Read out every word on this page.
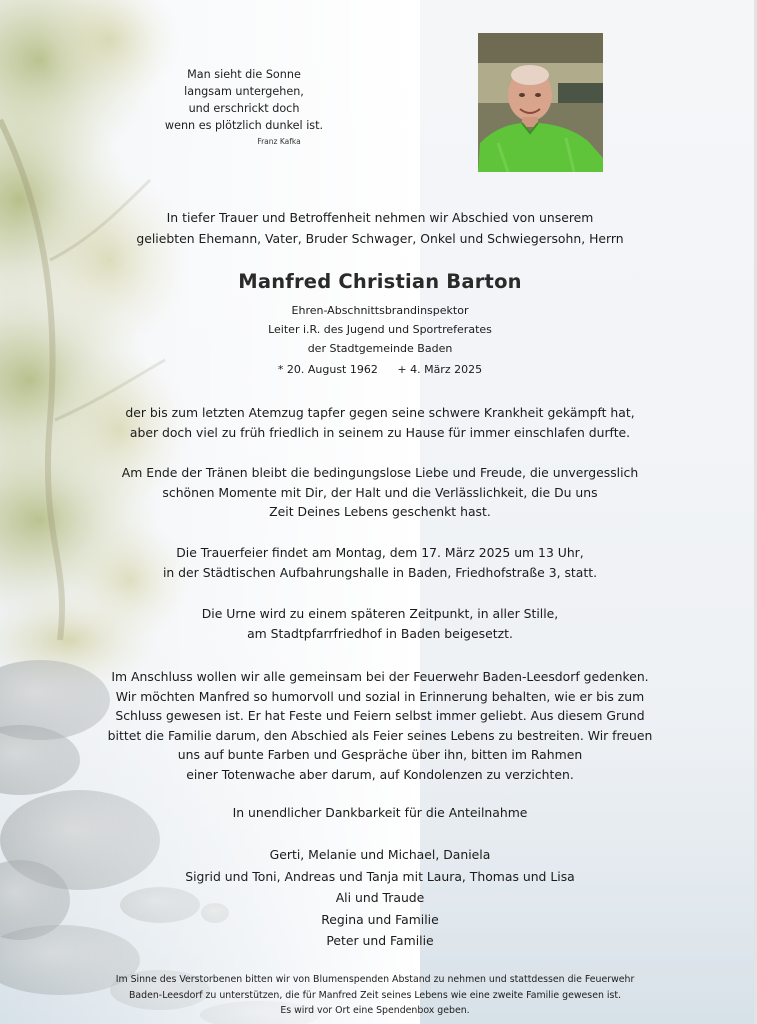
Man sieht die Sonne
langsam untergehen,
und erschrickt doch
wenn es plötzlich dunkel ist.
Franz Kafka
In tiefer Trauer und Betroffenheit nehmen wir Abschied von unserem
geliebten Ehemann, Vater, Bruder Schwager, Onkel und Schwiegersohn, Herrn
Manfred Christian Barton
Ehren-Abschnittsbrandinspektor
Leiter i.R. des Jugend und Sportreferates
der Stadtgemeinde Baden
* 20. August 1962 + 4. März 2025
der bis zum letzten Atemzug tapfer gegen seine schwere Krankheit gekämpft hat,
aber doch viel zu früh friedlich in seinem zu Hause für immer einschlafen durfte.
Am Ende der Tränen bleibt die bedingungslose Liebe und Freude, die unvergesslich
schönen Momente mit Dir, der Halt und die Verlässlichkeit, die Du uns
Zeit Deines Lebens geschenkt hast.
Die Trauerfeier findet am Montag, dem 17. März 2025 um 13 Uhr,
in der Städtischen Aufbahrungshalle in Baden, Friedhofstraße 3, statt.
Die Urne wird zu einem späteren Zeitpunkt, in aller Stille,
am Stadtpfarrfriedhof in Baden beigesetzt.
Im Anschluss wollen wir alle gemeinsam bei der Feuerwehr Baden-Leesdorf gedenken.
Wir möchten Manfred so humorvoll und sozial in Erinnerung behalten, wie er bis zum
Schluss gewesen ist. Er hat Feste und Feiern selbst immer geliebt. Aus diesem Grund
bittet die Familie darum, den Abschied als Feier seines Lebens zu bestreiten. Wir freuen
uns auf bunte Farben und Gespräche über ihn, bitten im Rahmen
einer Totenwache aber darum, auf Kondolenzen zu verzichten.
In unendlicher Dankbarkeit für die Anteilnahme
Gerti, Melanie und Michael, Daniela
Sigrid und Toni, Andreas und Tanja mit Laura, Thomas und Lisa
Ali und Traude
Regina und Familie
Peter und Familie
Im Sinne des Verstorbenen bitten wir von Blumenspenden Abstand zu nehmen und stattdessen die Feuerwehr
Baden-Leesdorf zu unterstützen, die für Manfred Zeit seines Lebens wie eine zweite Familie gewesen ist.
Es wird vor Ort eine Spendenbox geben.
